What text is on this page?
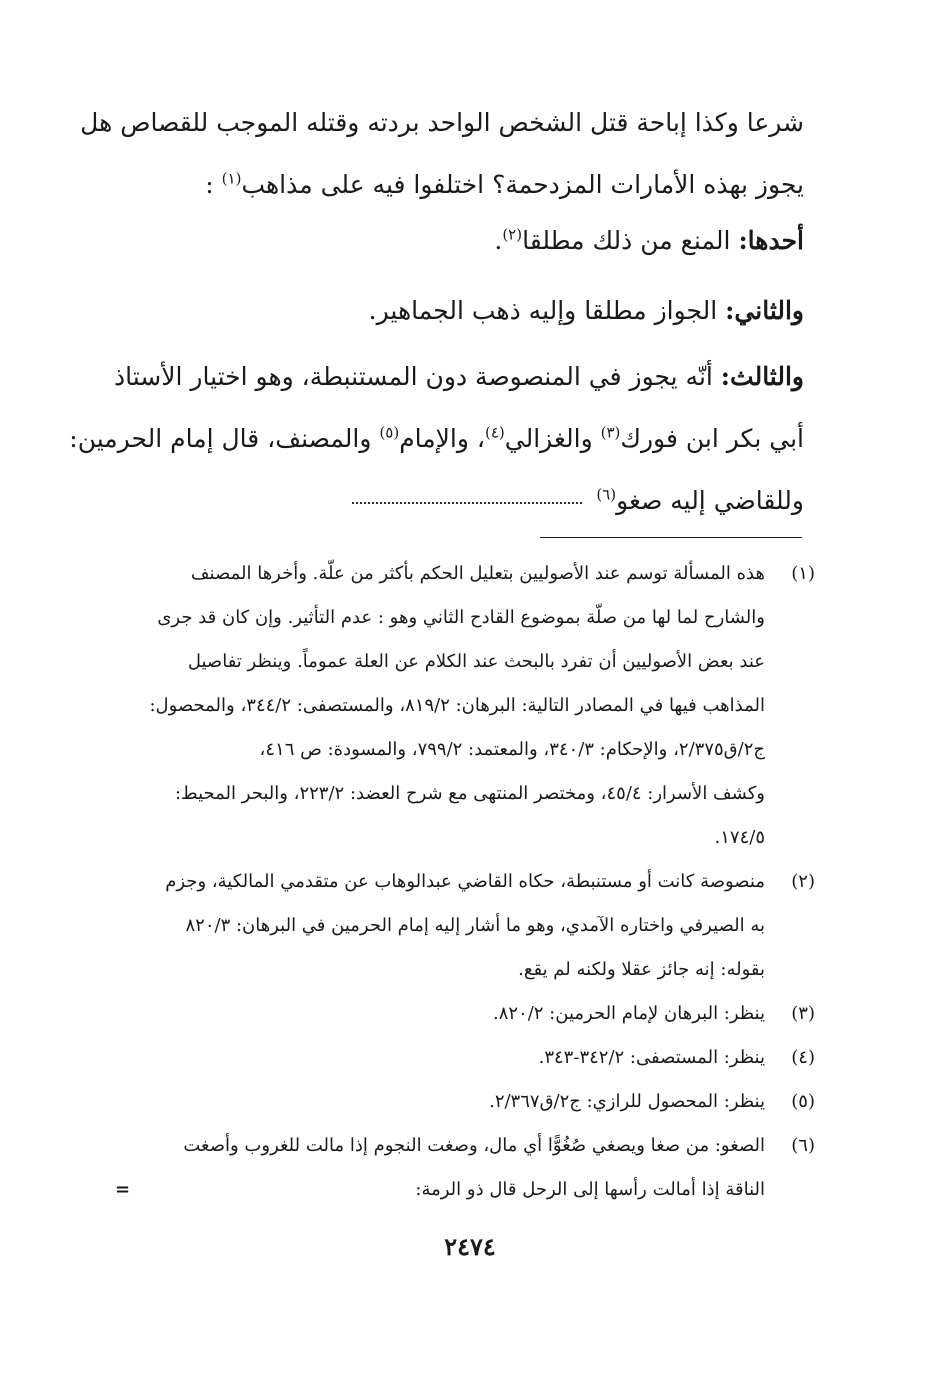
شرعا وكذا إباحة قتل الشخص الواحد بردته وقتله الموجب للقصاص هل
يجوز بهذه الأمارات المزدحمة؟ اختلفوا فيه على مذاهب$^{(١)}$ :
أحدها: المنع من ذلك مطلقا$^{(٢)}$.
والثاني: الجواز مطلقا وإليه ذهب الجماهير.
والثالث: أنّه يجوز في المنصوصة دون المستنبطة، وهو اختيار الأستاذ
أبي بكر ابن فورك$^{(٣)}$ والغزالي$^{(٤)}$، والإمام$^{(٥)}$ والمصنف، قال إمام الحرمين:
وللقاضي إليه صغو$^{(٦)}$
(١)
هذه المسألة توسم عند الأصوليين بتعليل الحكم بأكثر من علّة. وأخرها المصنف
والشارح لما لها من صلّة بموضوع القادح الثاني وهو : عدم التأثير. وإن كان قد جرى
عند بعض الأصوليين أن تفرد بالبحث عند الكلام عن العلة عموماً. وينظر تفاصيل
المذاهب فيها في المصادر التالية: البرهان: ٨١٩/٢، والمستصفى: ٣٤٤/٢، والمحصول:
ج٢/ق٢/٣٧٥، والإحكام: ٣٤٠/٣، والمعتمد: ٧٩٩/٢، والمسودة: ص ٤١٦،
وكشف الأسرار: ٤٥/٤، ومختصر المنتهى مع شرح العضد: ٢٢٣/٢، والبحر المحيط:
١٧٤/٥.
(٢)
منصوصة كانت أو مستنبطة، حكاه القاضي عبدالوهاب عن متقدمي المالكية، وجزم
به الصيرفي واختاره الآمدي، وهو ما أشار إليه إمام الحرمين في البرهان: ٨٢٠/٣
بقوله: إنه جائز عقلا ولكنه لم يقع.
(٣)
ينظر: البرهان لإمام الحرمين: ٨٢٠/٢.
(٤)
ينظر: المستصفى: ٣٤٢/٢-٣٤٣.
(٥)
ينظر: المحصول للرازي: ج٢/ق٢/٣٦٧.
(٦)
الصغو: من صغا ويصغي صُغُوًّا أي مال، وصغت النجوم إذا مالت للغروب وأصغت
الناقة إذا أمالت رأسها إلى الرحل قال ذو الرمة:
=
٢٤٧٤
